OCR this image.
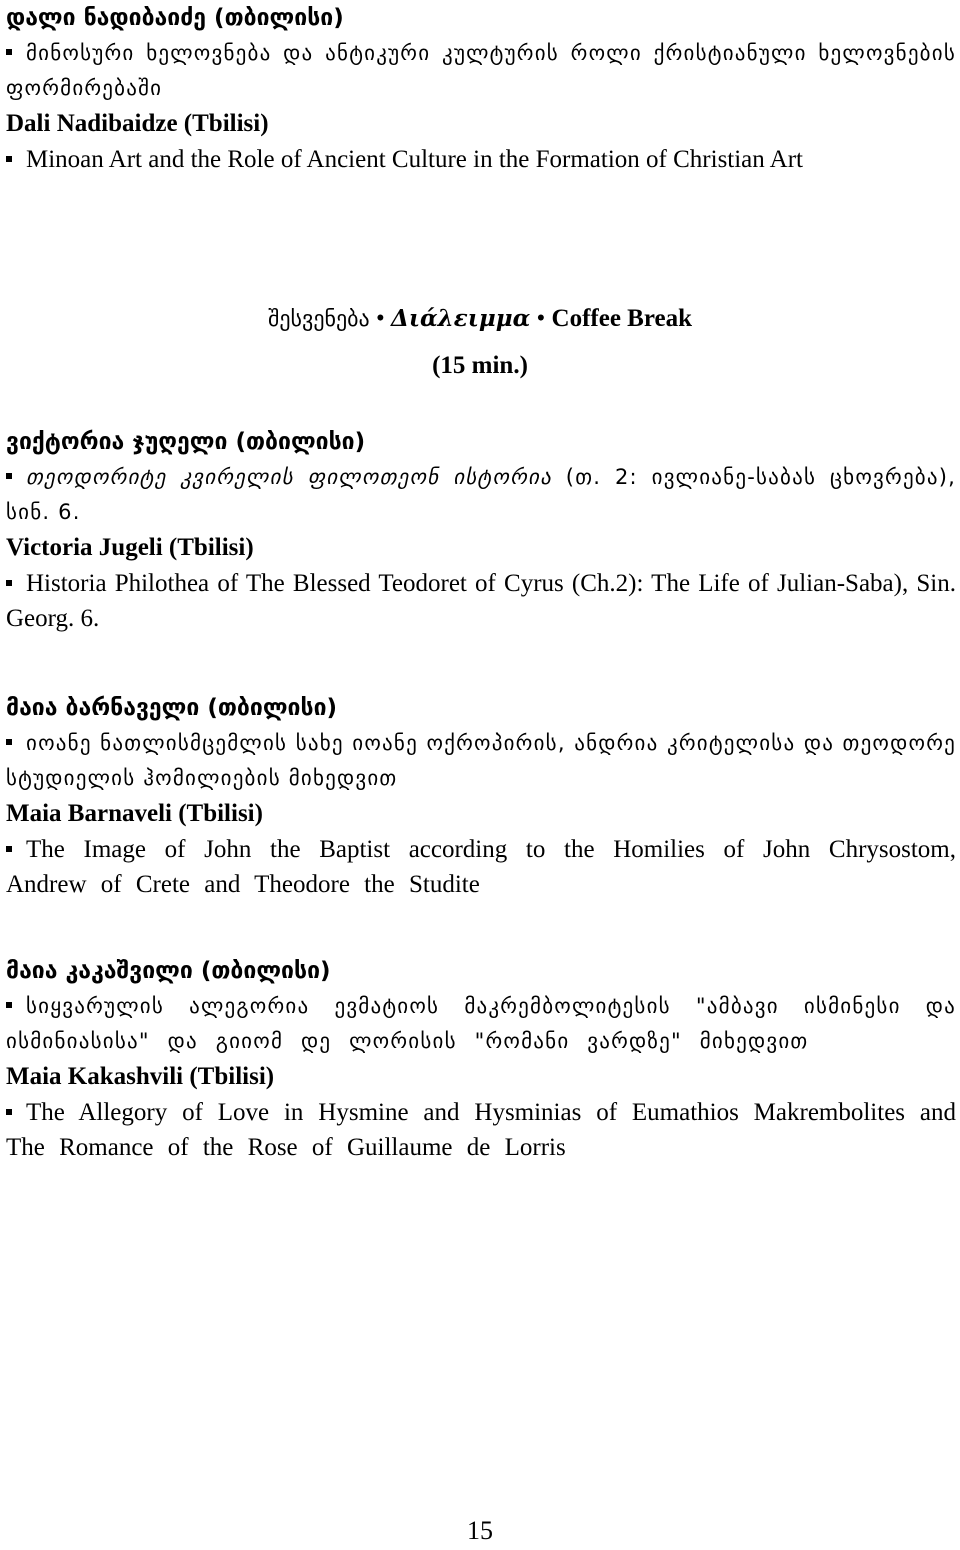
დალი ნადიბაიძე (თბილისი)
მინოსური ხელოვნება და ანტიკური კულტურის როლი ქრისტიანული ხელოვნების ფორმირებაში
Dali Nadibaidze (Tbilisi)
Minoan Art and the Role of Ancient Culture in the Formation of Christian Art
შესვენება • Διάλειμμα • Coffee Break
(15 min.)
ვიქტორია ჯუღელი (თბილისი)
თეოდორიტე კვირელის ფილოთეონ ისტორია (თ. 2: ივლიანე-საბას ცხოვრება), სინ. 6.
Victoria Jugeli (Tbilisi)
Historia Philothea of The Blessed Teodoret of Cyrus (Ch.2): The Life of Julian-Saba), Sin. Georg. 6.
მაია ბარნაველი (თბილისი)
იოანე ნათლისმცემლის სახე იოანე ოქროპირის, ანდრია კრიტელისა და თეოდორე სტუდიელის ჰომილიების მიხედვით
Maia Barnaveli (Tbilisi)
The Image of John the Baptist according to the Homilies of John Chrysostom, Andrew of Crete and Theodore the Studite
მაია კაკაშვილი (თბილისი)
სიყვარულის ალეგორია ევმატიოს მაკრემბოლიტესის "ამბავი ისმინესი და ისმინიასისა" და გიიომ დე ლორისის "რომანი ვარდზე" მიხედვით
Maia Kakashvili (Tbilisi)
The Allegory of Love in Hysmine and Hysminias of Eumathios Makrembolites and The Romance of the Rose of Guillaume de Lorris
15
